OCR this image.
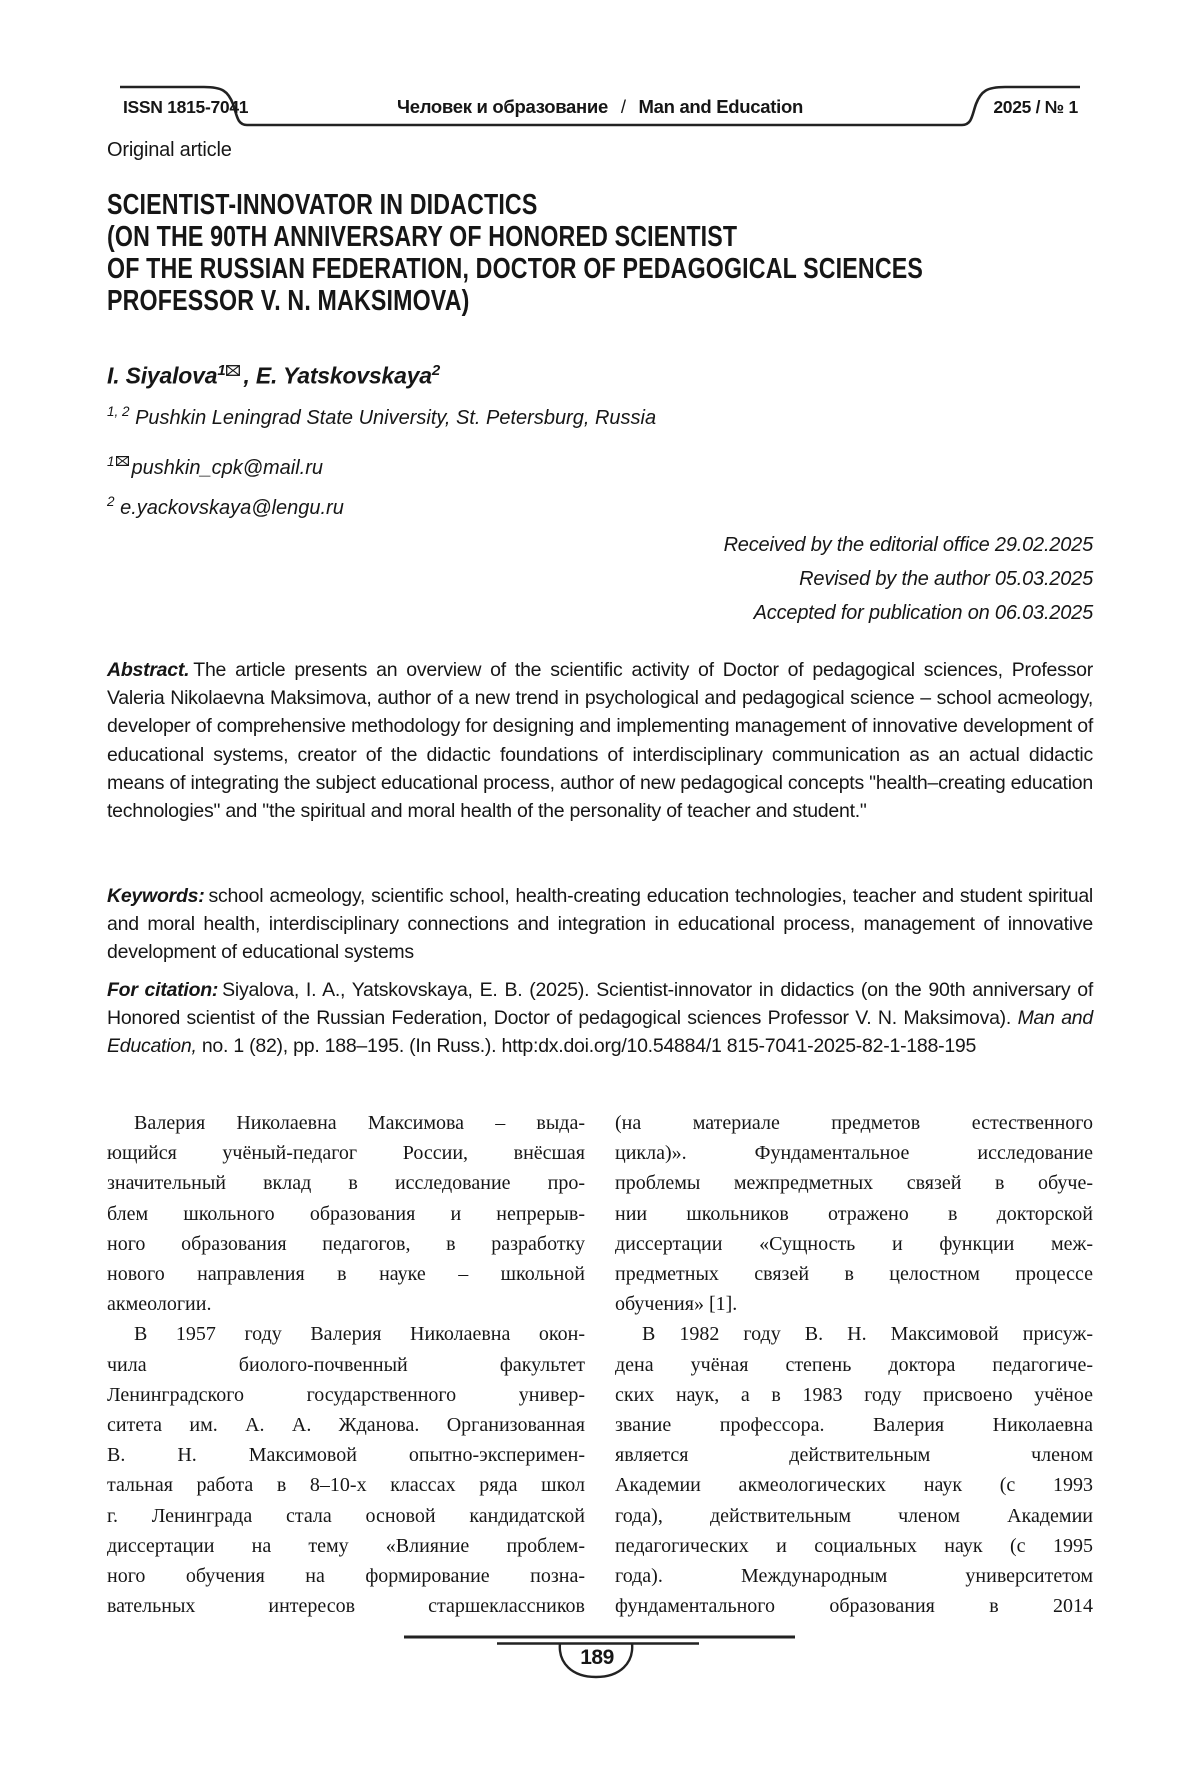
ISSN 1815-7041	Человек и образование / Man and Education	2025 / № 1
Original article
SCIENTIST-INNOVATOR IN DIDACTICS
(ON THE 90TH ANNIVERSARY OF HONORED SCIENTIST
OF THE RUSSIAN FEDERATION, DOCTOR OF PEDAGOGICAL SCIENCES
PROFESSOR V. N. MAKSIMOVA)
I. Siyalova$^1$ , E. Yatskovskaya$^2$
$^{1, 2}$ Pushkin Leningrad State University, St. Petersburg, Russia
$^1$ pushkin_cpk@mail.ru
$^2$ e.yackovskaya@lengu.ru
Received by the editorial office 29.02.2025
Revised by the author 05.03.2025
Accepted for publication on 06.03.2025
Abstract. The article presents an overview of the scientific activity of Doctor of pedagogical sciences, Professor Valeria Nikolaevna Maksimova, author of a new trend in psychological and pedagogical science – school acmeology, developer of comprehensive methodology for designing and implementing management of innovative development of educational systems, creator of the didactic foundations of interdisciplinary communication as an actual didactic means of integrating the subject educational process, author of new pedagogical concepts "health–creating education technologies" and "the spiritual and moral health of the personality of teacher and student."
Keywords: school acmeology, scientific school, health-creating education technologies, teacher and student spiritual and moral health, interdisciplinary connections and integration in educational process, management of innovative development of educational systems
For citation: Siyalova, I. A., Yatskovskaya, E. B. (2025). Scientist-innovator in didactics (on the 90th anniversary of Honored scientist of the Russian Federation, Doctor of pedagogical sciences Professor V. N. Maksimova). Man and Education, no. 1 (82), pp. 188–195. (In Russ.). http:dx.doi.org/10.54884/1 815-7041-2025-82-1-188-195
Валерия Николаевна Максимова – выда-
ющийся учёный-педагог России, внёсшая
значительный вклад в исследование про-
блем школьного образования и непрерыв-
ного образования педагогов, в разработку
нового направления в науке – школьной
акмеологии.
В 1957 году Валерия Николаевна окон-
чила биолого-почвенный факультет
Ленинградского государственного универ-
ситета им. А. А. Жданова. Организованная
В. Н. Максимовой опытно-эксперимен-
тальная работа в 8–10-х классах ряда школ
г. Ленинграда стала основой кандидатской
диссертации на тему «Влияние проблем-
ного обучения на формирование позна-
вательных интересов старшеклассников
(на материале предметов естественного
цикла)». Фундаментальное исследование
проблемы межпредметных связей в обуче-
нии школьников отражено в докторской
диссертации «Сущность и функции меж-
предметных связей в целостном процессе
обучения» [1].
В 1982 году В. Н. Максимовой присуж-
дена учёная степень доктора педагогиче-
ских наук, а в 1983 году присвоено учёное
звание профессора. Валерия Николаевна
является действительным членом
Академии акмеологических наук (с 1993
года), действительным членом Академии
педагогических и социальных наук (с 1995
года). Международным университетом
фундаментального образования в 2014
189
